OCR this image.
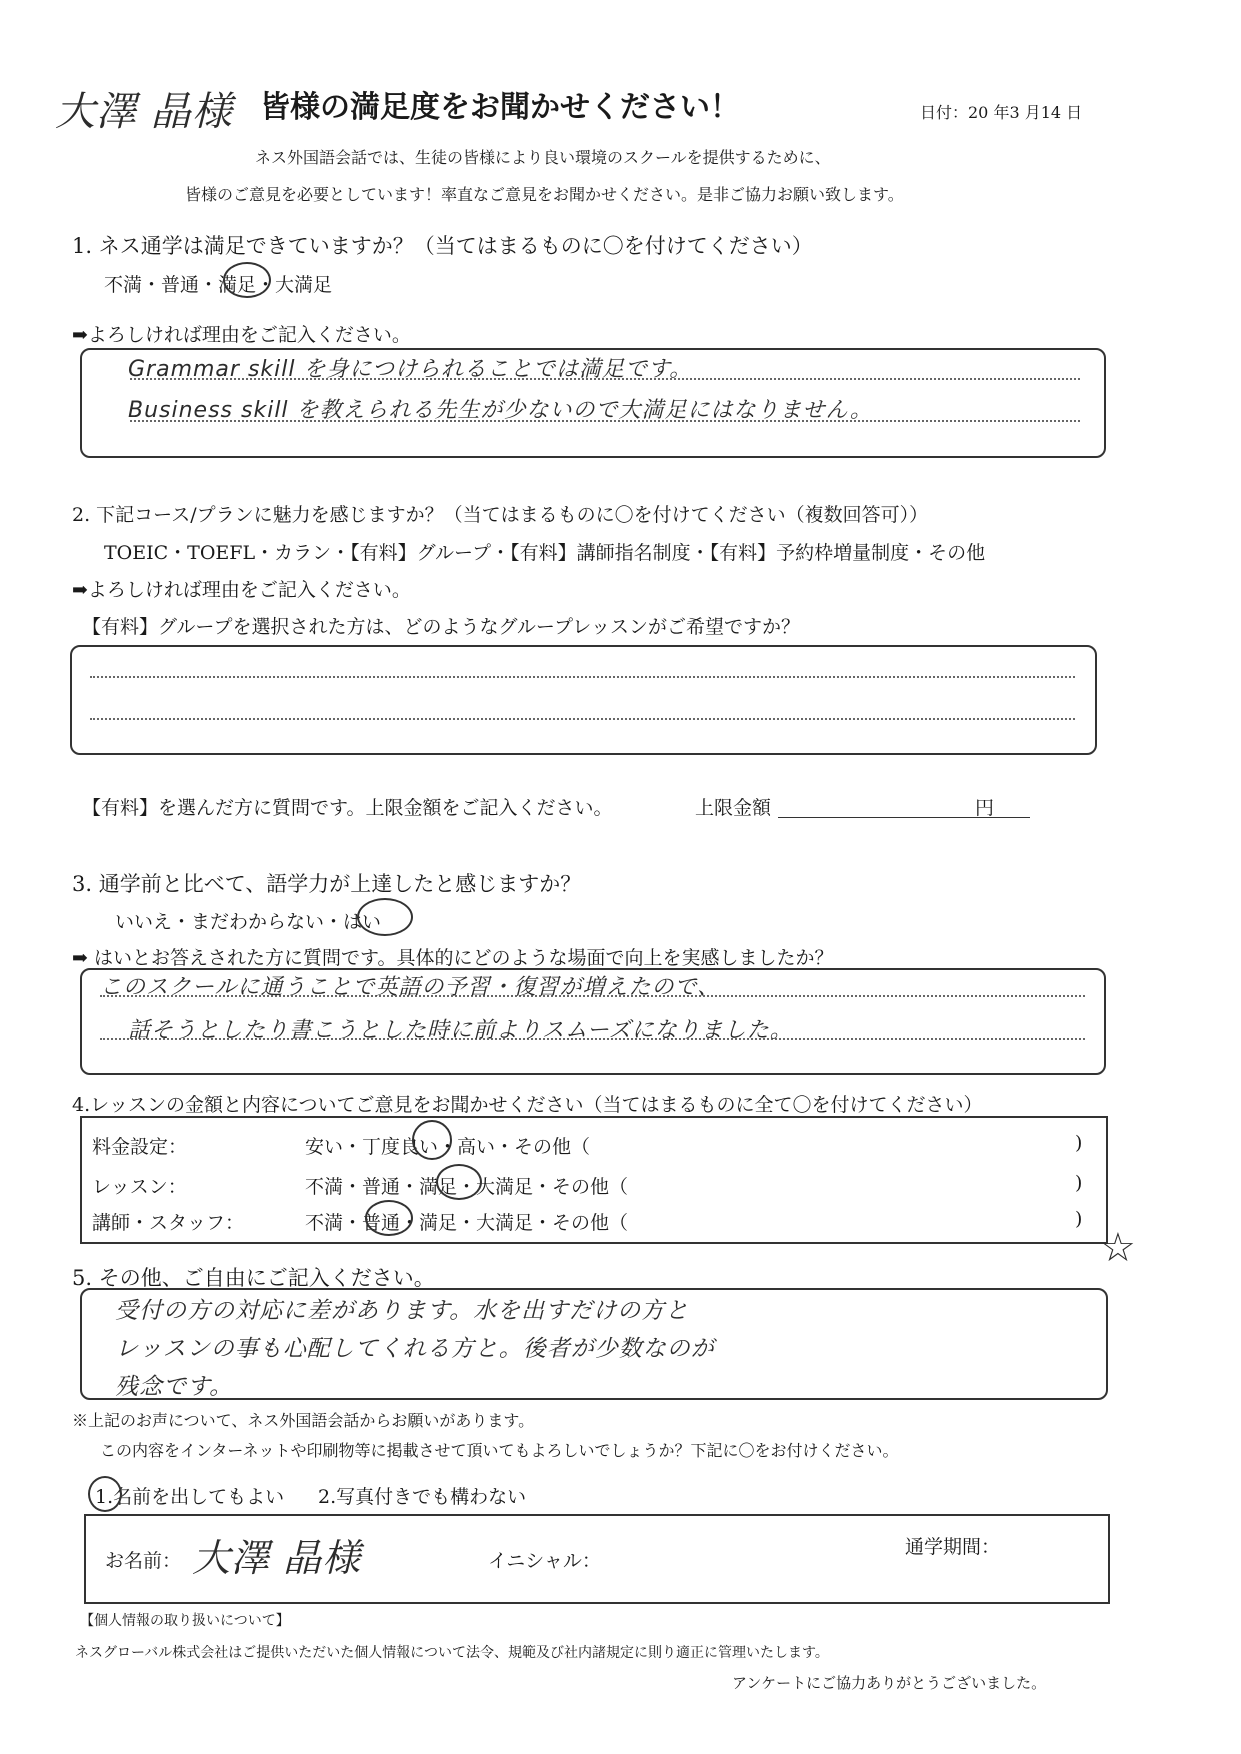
大澤 晶様 皆様の満足度をお聞かせください！	日付：20 年3 月14 日
ネス外国語会話では、生徒の皆様により良い環境のスクールを提供するために、
皆様のご意見を必要としています！率直なご意見をお聞かせください。是非ご協力お願い致します。
1. ネス通学は満足できていますか？（当てはまるものに〇を付けてください）
不満・普通・満足・大満足
➡よろしければ理由をご記入ください。
Grammar skill を身につけられることでは満足です。
Business skill を教えられる先生が少ないので大満足にはなりません。
2. 下記コース/プランに魅力を感じますか？（当てはまるものに〇を付けてください（複数回答可））
TOEIC・TOEFL・カラン・【有料】グループ・【有料】講師指名制度・【有料】予約枠増量制度・その他
➡よろしければ理由をご記入ください。
【有料】グループを選択された方は、どのようなグループレッスンがご希望ですか？
【有料】を選んだ方に質問です。上限金額をご記入ください。	上限金額	円
3. 通学前と比べて、語学力が上達したと感じますか？
いいえ・まだわからない・はい
➡ はいとお答えされた方に質問です。具体的にどのような場面で向上を実感しましたか？
このスクールに通うことで英語の予習・復習が増えたので、
話そうとしたり書こうとした時に前よりスムーズになりました。
4.レッスンの金額と内容についてご意見をお聞かせください（当てはまるものに全て〇を付けてください）
料金設定：	安い・丁度良い・高い・その他（	)
レッスン：	不満・普通・満足・大満足・その他（	)
講師・スタッフ：	不満・普通・満足・大満足・その他（	)
☆
5. その他、ご自由にご記入ください。
受付の方の対応に差があります。水を出すだけの方と
レッスンの事も心配してくれる方と。後者が少数なのが
残念です。
※上記のお声について、ネス外国語会話からお願いがあります。
この内容をインターネットや印刷物等に掲載させて頂いてもよろしいでしょうか？下記に〇をお付けください。
1.名前を出してもよい 2.写真付きでも構わない
お名前： 大澤 晶様	イニシャル：
通学期間：
【個人情報の取り扱いについて】
ネスグローバル株式会社はご提供いただいた個人情報について法令、規範及び社内諸規定に則り適正に管理いたします。
アンケートにご協力ありがとうございました。
